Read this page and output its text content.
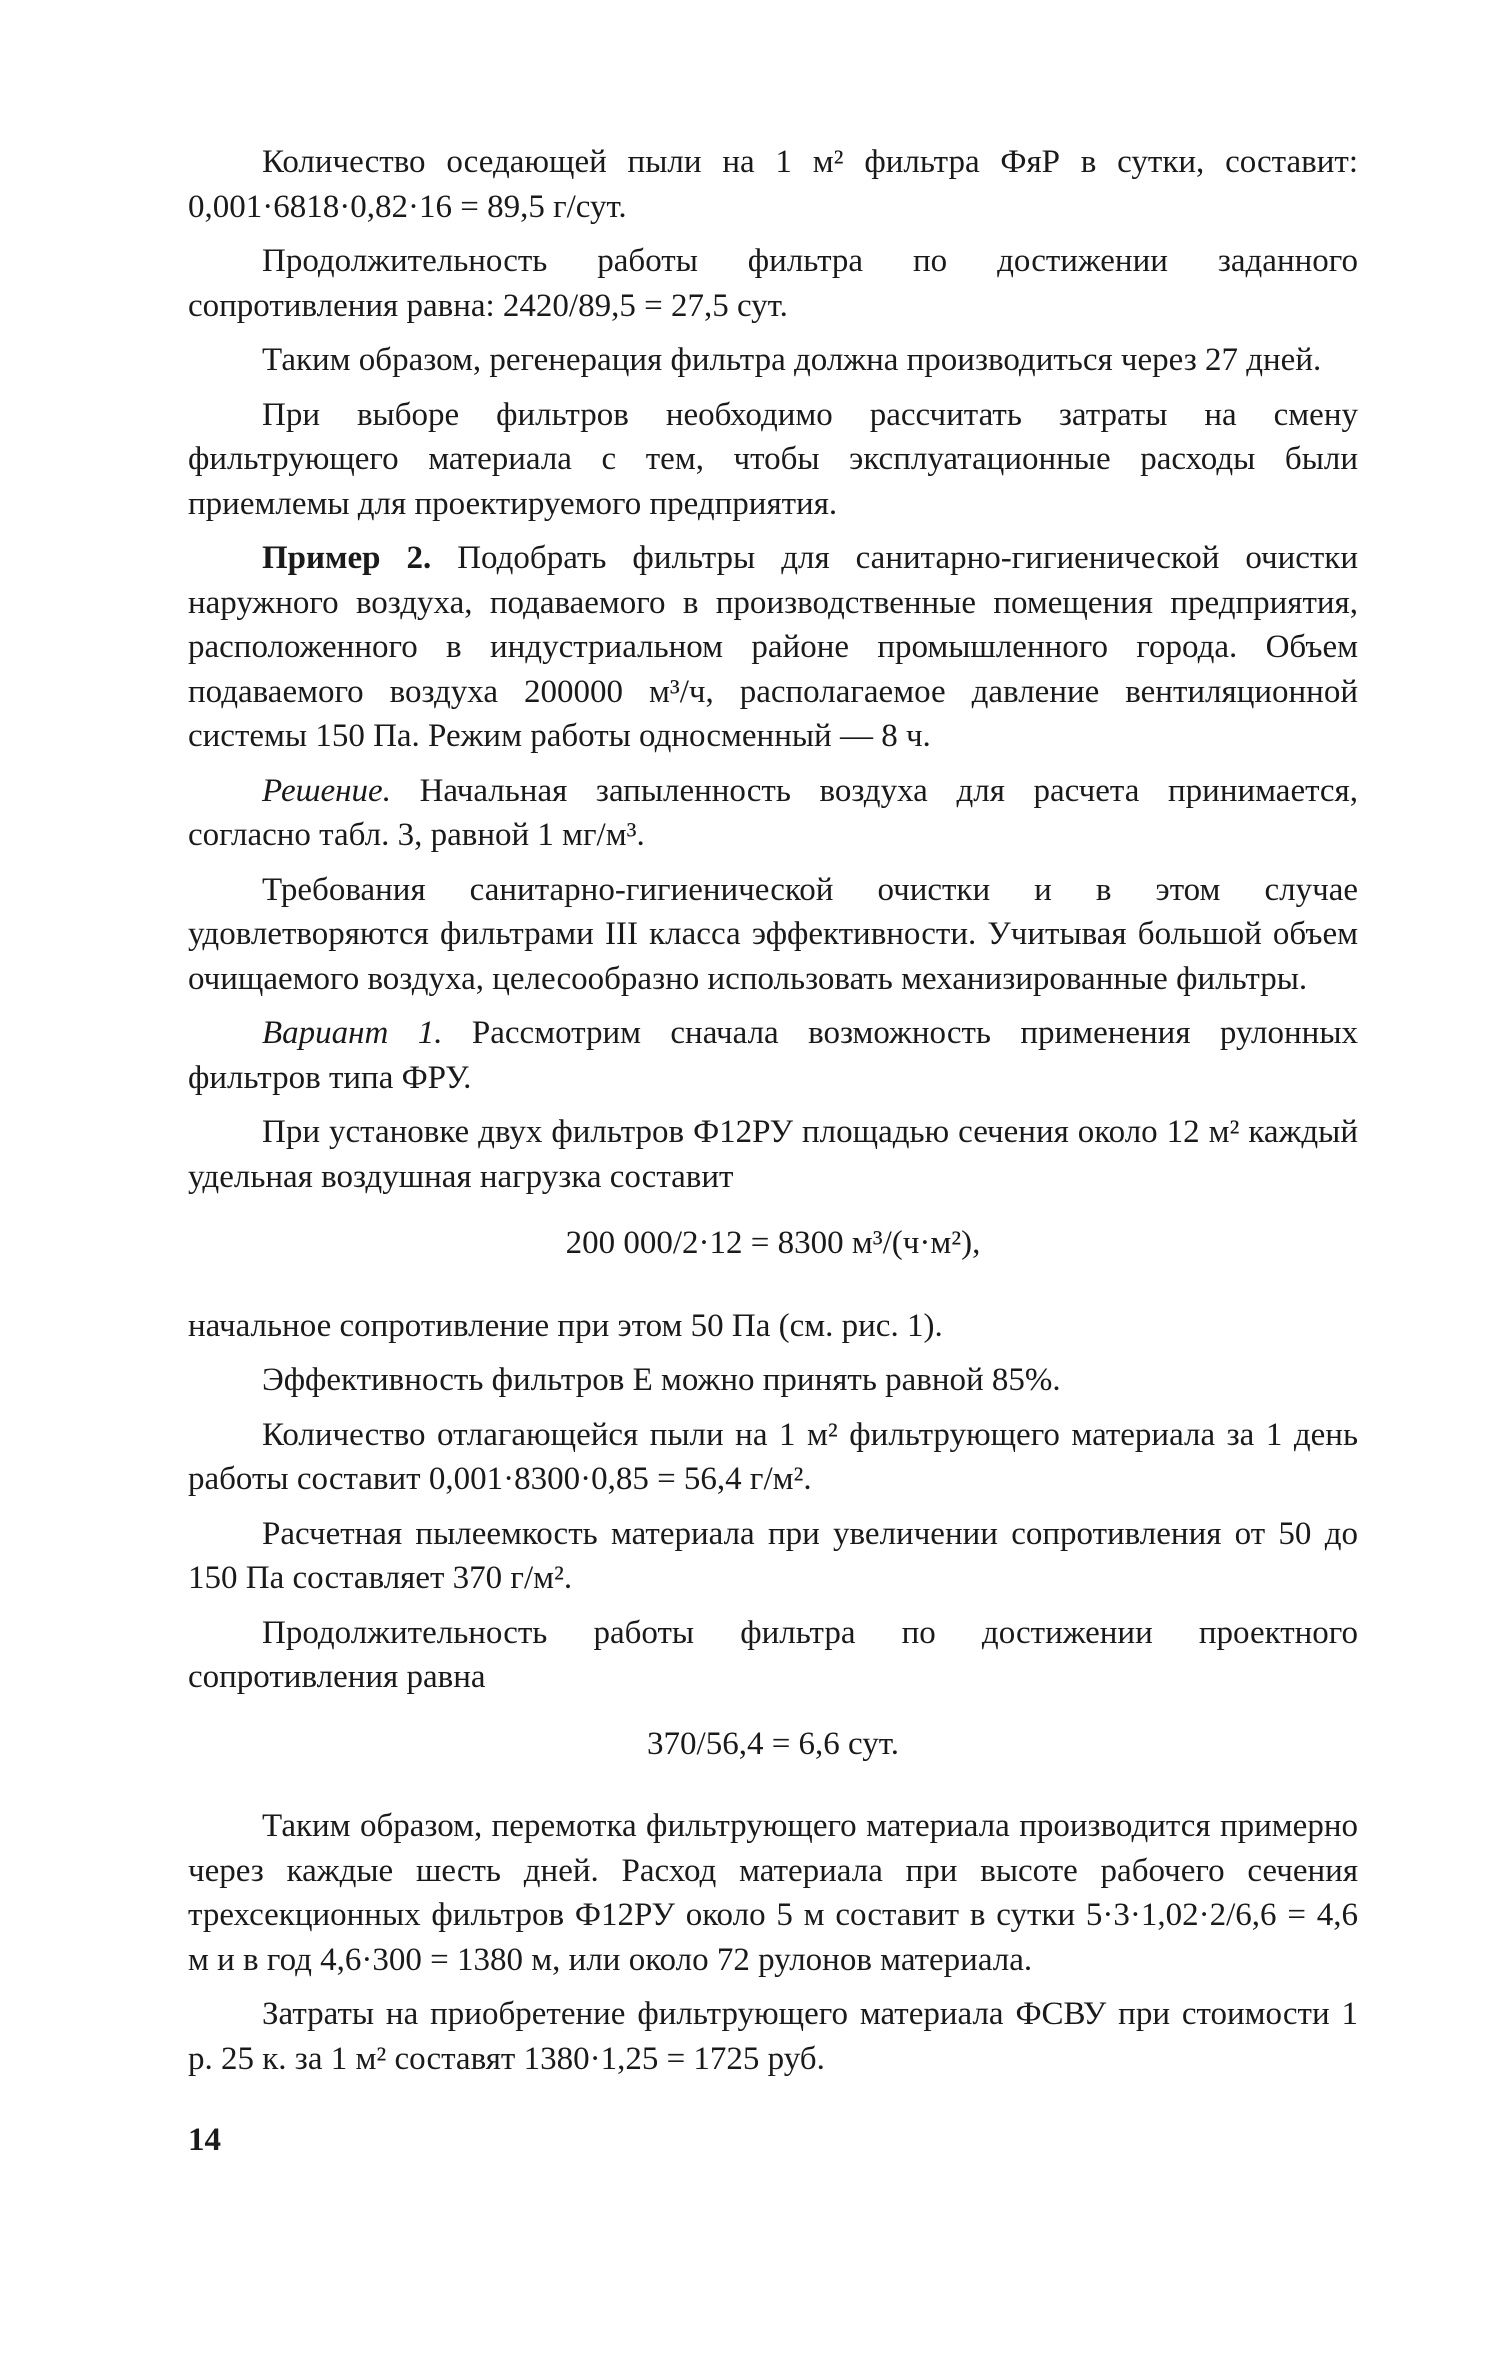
Количество оседающей пыли на 1 м² фильтра ФяР в сутки, составит: 0,001·6818·0,82·16 = 89,5 г/сут.

Продолжительность работы фильтра по достижении заданного сопротивления равна: 2420/89,5 = 27,5 сут.

Таким образом, регенерация фильтра должна производиться через 27 дней.

При выборе фильтров необходимо рассчитать затраты на смену фильтрующего материала с тем, чтобы эксплуатационные расходы были приемлемы для проектируемого предприятия.

Пример 2. Подобрать фильтры для санитарно-гигиенической очистки наружного воздуха, подаваемого в производственные помещения предприятия, расположенного в индустриальном районе промышленного города. Объем подаваемого воздуха 200000 м³/ч, располагаемое давление вентиляционной системы 150 Па. Режим работы односменный — 8 ч.

Решение. Начальная запыленность воздуха для расчета принимается, согласно табл. 3, равной 1 мг/м³.

Требования санитарно-гигиенической очистки и в этом случае удовлетворяются фильтрами III класса эффективности. Учитывая большой объем очищаемого воздуха, целесообразно использовать механизированные фильтры.

Вариант 1. Рассмотрим сначала возможность применения рулонных фильтров типа ФРУ.

При установке двух фильтров Ф12РУ площадью сечения около 12 м² каждый удельная воздушная нагрузка составит

200 000/2·12 = 8300 м³/(ч·м²),

начальное сопротивление при этом 50 Па (см. рис. 1).

Эффективность фильтров E можно принять равной 85%.

Количество отлагающейся пыли на 1 м² фильтрующего материала за 1 день работы составит 0,001·8300·0,85 = 56,4 г/м².

Расчетная пылеемкость материала при увеличении сопротивления от 50 до 150 Па составляет 370 г/м².

Продолжительность работы фильтра по достижении проектного сопротивления равна

370/56,4 = 6,6 сут.

Таким образом, перемотка фильтрующего материала производится примерно через каждые шесть дней. Расход материала при высоте рабочего сечения трехсекционных фильтров Ф12РУ около 5 м составит в сутки 5·3·1,02·2/6,6 = 4,6 м и в год 4,6·300 = 1380 м, или около 72 рулонов материала.

Затраты на приобретение фильтрующего материала ФСВУ при стоимости 1 р. 25 к. за 1 м² составят 1380·1,25 = 1725 руб.

14
